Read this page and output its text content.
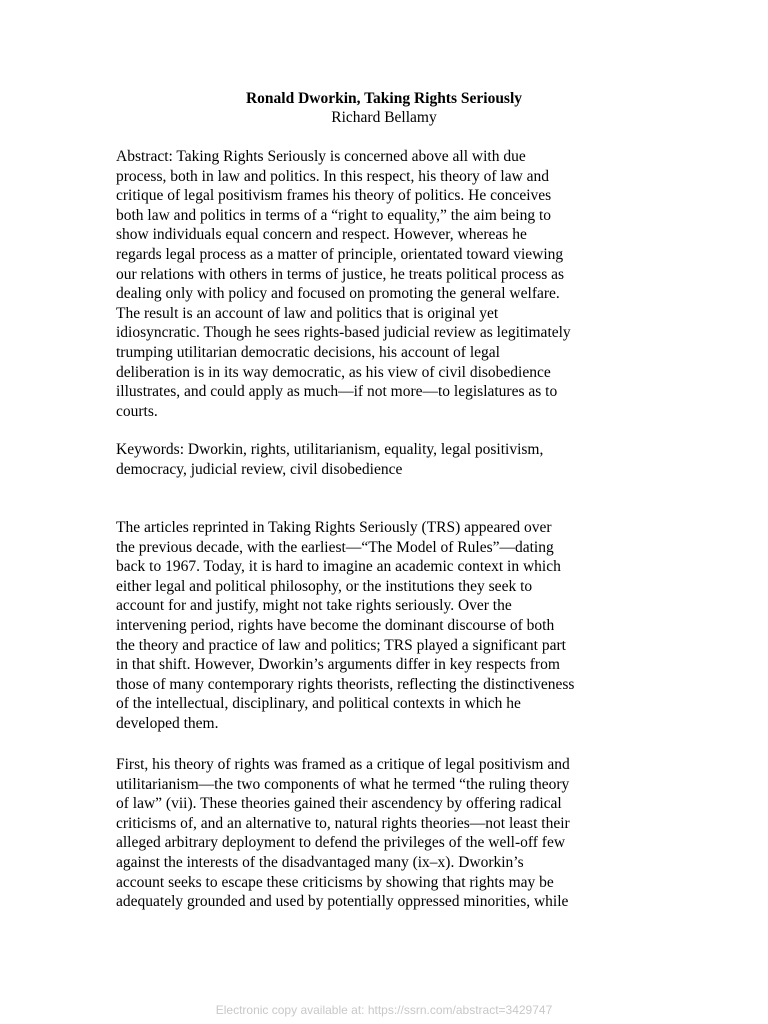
Ronald Dworkin, Taking Rights Seriously
Richard Bellamy
Abstract: Taking Rights Seriously is concerned above all with due
process, both in law and politics. In this respect, his theory of law and
critique of legal positivism frames his theory of politics. He conceives
both law and politics in terms of a “right to equality,” the aim being to
show individuals equal concern and respect. However, whereas he
regards legal process as a matter of principle, orientated toward viewing
our relations with others in terms of justice, he treats political process as
dealing only with policy and focused on promoting the general welfare.
The result is an account of law and politics that is original yet
idiosyncratic. Though he sees rights-based judicial review as legitimately
trumping utilitarian democratic decisions, his account of legal
deliberation is in its way democratic, as his view of civil disobedience
illustrates, and could apply as much—if not more—to legislatures as to
courts.
Keywords: Dworkin, rights, utilitarianism, equality, legal positivism,
democracy, judicial review, civil disobedience
The articles reprinted in Taking Rights Seriously (TRS) appeared over
the previous decade, with the earliest—“The Model of Rules”—dating
back to 1967. Today, it is hard to imagine an academic context in which
either legal and political philosophy, or the institutions they seek to
account for and justify, might not take rights seriously. Over the
intervening period, rights have become the dominant discourse of both
the theory and practice of law and politics; TRS played a significant part
in that shift. However, Dworkin’s arguments differ in key respects from
those of many contemporary rights theorists, reflecting the distinctiveness
of the intellectual, disciplinary, and political contexts in which he
developed them.
First, his theory of rights was framed as a critique of legal positivism and
utilitarianism—the two components of what he termed “the ruling theory
of law” (vii). These theories gained their ascendency by offering radical
criticisms of, and an alternative to, natural rights theories—not least their
alleged arbitrary deployment to defend the privileges of the well-off few
against the interests of the disadvantaged many (ix–x). Dworkin’s
account seeks to escape these criticisms by showing that rights may be
adequately grounded and used by potentially oppressed minorities, while
Electronic copy available at: https://ssrn.com/abstract=3429747
